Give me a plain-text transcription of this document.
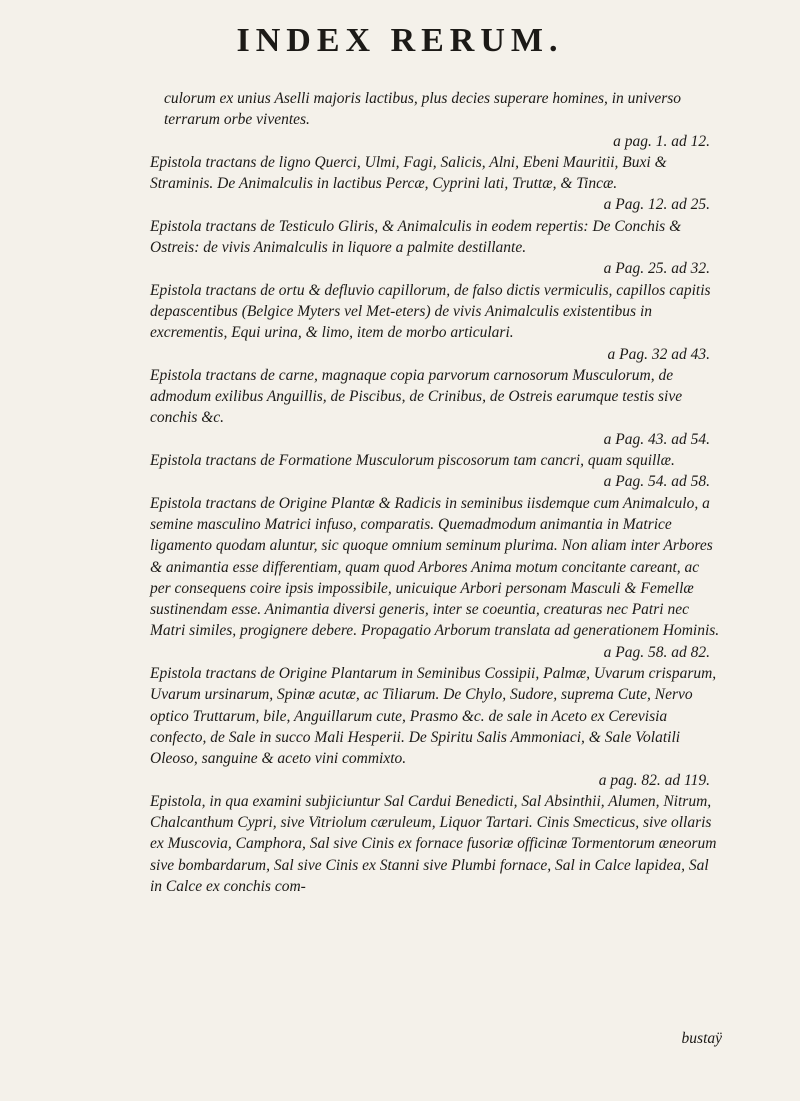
INDEX RERUM.

culorum ex unius Aselli majoris lactibus, plus decies superare homines, in universo terrarum orbe viventes.
a pag. 1. ad 12.

Epistola tractans de ligno Querci, Ulmi, Fagi, Salicis, Alni, Ebeni Mauritii, Buxi & Straminis. De Animalculis in lactibus Percæ, Cyprini lati, Truttæ, & Tincæ.
a Pag. 12. ad 25.

Epistola tractans de Testiculo Gliris, & Animalculis in eodem repertis: De Conchis & Ostreis: de vivis Animalculis in liquore a palmite destillante.
a Pag. 25. ad 32.

Epistola tractans de ortu & defluvio capillorum, de falso dictis vermiculis, capillos capitis depascentibus (Belgice Myters vel Met-eters) de vivis Animalculis existentibus in excrementis, Equi urina, & limo, item de morbo articulari.
a Pag. 32 ad 43.

Epistola tractans de carne, magnaque copia parvorum carnosorum Musculorum, de admodum exilibus Anguillis, de Piscibus, de Crinibus, de Ostreis earumque testis sive conchis &c.
a Pag. 43. ad 54.

Epistola tractans de Formatione Musculorum piscosorum tam cancri, quam squillæ.
a Pag. 54. ad 58.

Epistola tractans de Origine Plantæ & Radicis in seminibus iisdemque cum Animalculo, a semine masculino Matrici infuso, comparatis. Quemadmodum animantia in Matrice ligamento quodam aluntur, sic quoque omnium seminum plurima. Non aliam inter Arbores & animantia esse differentiam, quam quod Arbores Anima motum concitante careant, ac per consequens coire ipsis impossibile, unicuique Arbori personam Masculi & Femellæ sustinendam esse. Animantia diversi generis, inter se coeuntia, creaturas nec Patri nec Matri similes, progignere debere. Propagatio Arborum translata ad generationem Hominis.
a Pag. 58. ad 82.

Epistola tractans de Origine Plantarum in Seminibus Cossipii, Palmæ, Uvarum crisparum, Uvarum ursinarum, Spinæ acutæ, ac Tiliarum. De Chylo, Sudore, suprema Cute, Nervo optico Truttarum, bile, Anguillarum cute, Prasmo &c. de sale in Aceto ex Cerevisia confecto, de Sale in succo Mali Hesperii. De Spiritu Salis Ammoniaci, & Sale Volatili Oleoso, sanguine & aceto vini commixto.
a pag. 82. ad 119.

Epistola, in qua examini subjiciuntur Sal Cardui Benedicti, Sal Absinthii, Alumen, Nitrum, Chalcanthum Cypri, sive Vitriolum cæruleum, Liquor Tartari. Cinis Smecticus, sive ollaris ex Muscovia, Camphora, Sal sive Cinis ex fornace fusoriæ officinæ Tormentorum æneorum sive bombardarum, Sal sive Cinis ex Stanni sive Plumbi fornace, Sal in Calce lapidea, Sal in Calce ex conchis com-

bustaÿ
